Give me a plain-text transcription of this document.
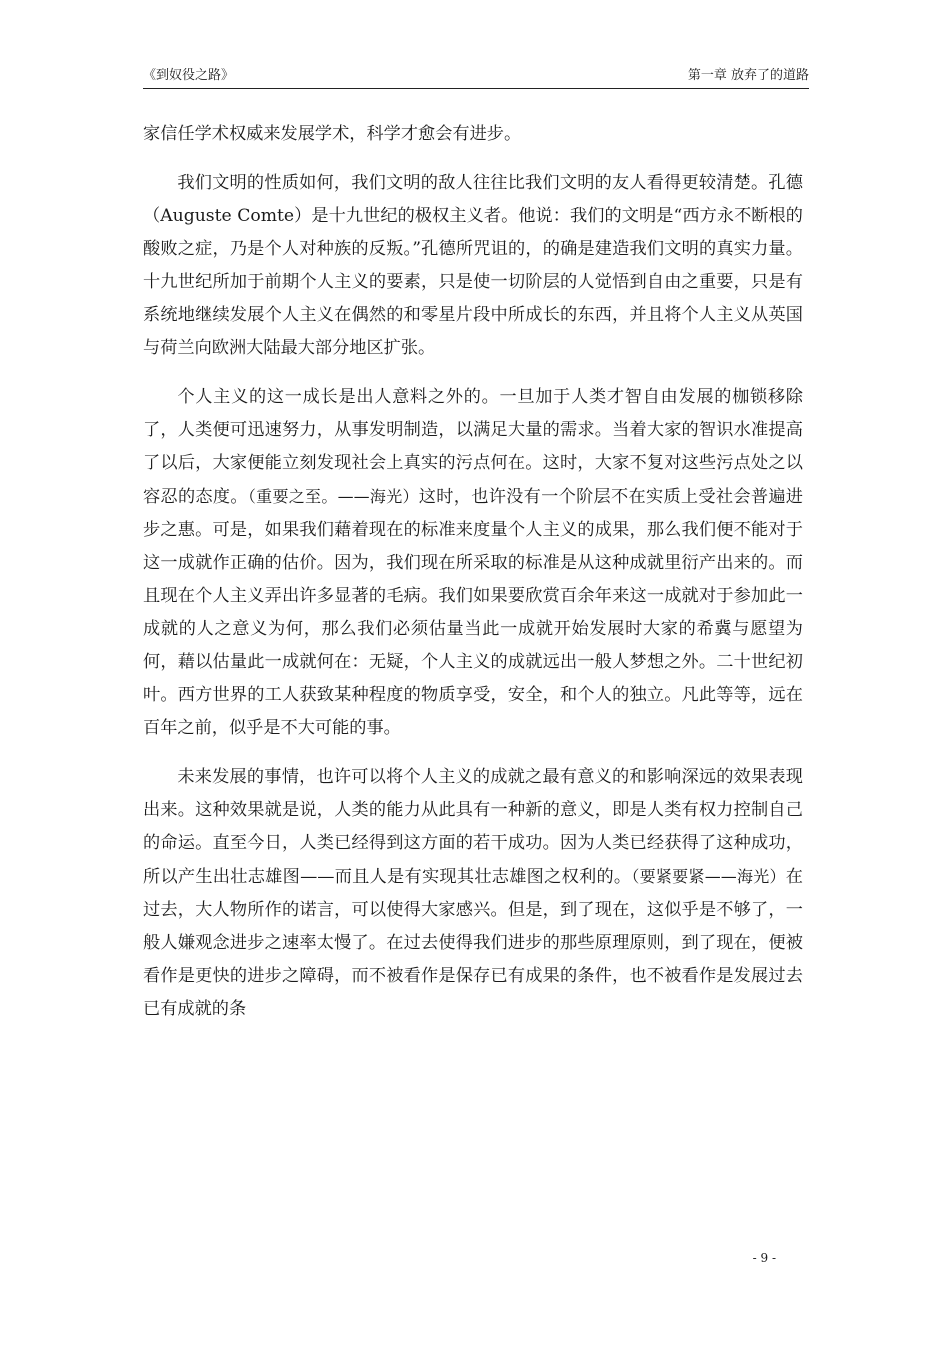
《到奴役之路》	第一章 放弃了的道路

家信任学术权威来发展学术，科学才愈会有进步。

我们文明的性质如何，我们文明的敌人往往比我们文明的友人看得更较清楚。孔德（Auguste Comte）是十九世纪的极权主义者。他说：我们的文明是“西方永不断根的酸败之症，乃是个人对种族的反叛。”孔德所咒诅的，的确是建造我们文明的真实力量。十九世纪所加于前期个人主义的要素，只是使一切阶层的人觉悟到自由之重要，只是有系统地继续发展个人主义在偶然的和零星片段中所成长的东西，并且将个人主义从英国与荷兰向欧洲大陆最大部分地区扩张。

个人主义的这一成长是出人意料之外的。一旦加于人类才智自由发展的枷锁移除了，人类便可迅速努力，从事发明制造，以满足大量的需求。当着大家的智识水准提高了以后，大家便能立刻发现社会上真实的污点何在。这时，大家不复对这些污点处之以容忍的态度。（重要之至。——海光）这时，也许没有一个阶层不在实质上受社会普遍进步之惠。可是，如果我们藉着现在的标准来度量个人主义的成果，那么我们便不能对于这一成就作正确的估价。因为，我们现在所采取的标准是从这种成就里衍产出来的。而且现在个人主义弄出许多显著的毛病。我们如果要欣赏百余年来这一成就对于参加此一成就的人之意义为何，那么我们必须估量当此一成就开始发展时大家的希冀与愿望为何，藉以估量此一成就何在：无疑，个人主义的成就远出一般人梦想之外。二十世纪初叶。西方世界的工人获致某种程度的物质享受，安全，和个人的独立。凡此等等，远在百年之前，似乎是不大可能的事。

未来发展的事情，也许可以将个人主义的成就之最有意义的和影响深远的效果表现出来。这种效果就是说，人类的能力从此具有一种新的意义，即是人类有权力控制自己的命运。直至今日，人类已经得到这方面的若干成功。因为人类已经获得了这种成功，所以产生出壮志雄图——而且人是有实现其壮志雄图之权利的。（要紧要紧——海光）在过去，大人物所作的诺言，可以使得大家感兴。但是，到了现在，这似乎是不够了，一般人嫌观念进步之速率太慢了。在过去使得我们进步的那些原理原则，到了现在，便被看作是更快的进步之障碍，而不被看作是保存已有成果的条件，也不被看作是发展过去已有成就的条

- 9 -
